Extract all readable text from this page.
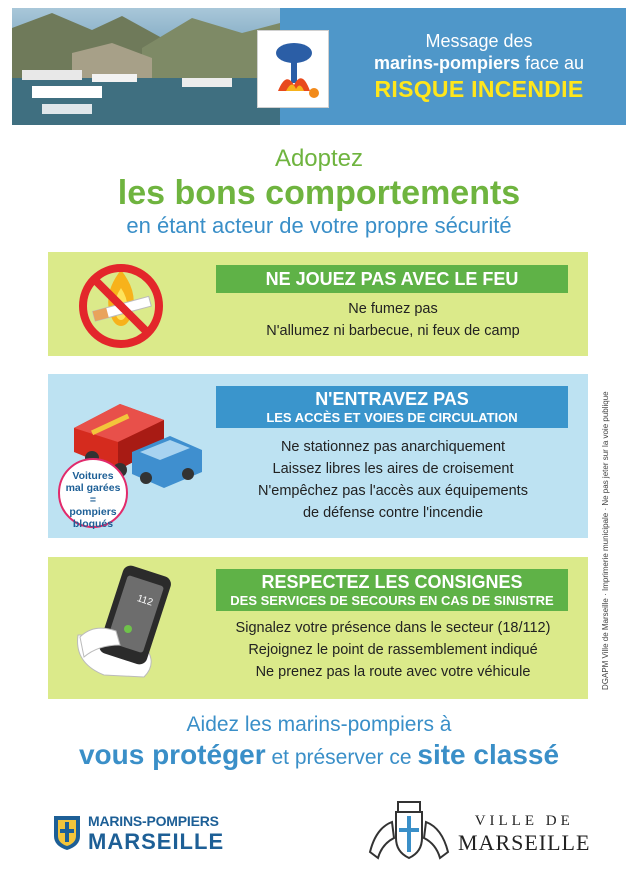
Message des
marins-pompiers face au
RISQUE INCENDIE
Adoptez
les bons comportements
en étant acteur de votre propre sécurité
NE JOUEZ PAS AVEC LE FEU
Ne fumez pas
N'allumez ni barbecue, ni feux de camp
Voitures
mal garées
=
pompiers
bloqués
N'ENTRAVEZ PAS
LES ACCÈS ET VOIES DE CIRCULATION
Ne stationnez pas anarchiquement
Laissez libres les aires de croisement
N'empêchez pas l'accès aux équipements
de défense contre l'incendie
112
RESPECTEZ LES CONSIGNES
DES SERVICES DE SECOURS EN CAS DE SINISTRE
Signalez votre présence dans le secteur (18/112)
Rejoignez le point de rassemblement indiqué
Ne prenez pas la route avec votre véhicule	DGAPM Ville de Marseille · Imprimerie municipale · Ne pas jeter sur la voie publique
Aidez les marins-pompiers à
vous protéger et préserver ce site classé
MARINS-POMPIERS
MARSEILLE
VILLE DE
MARSEILLE
